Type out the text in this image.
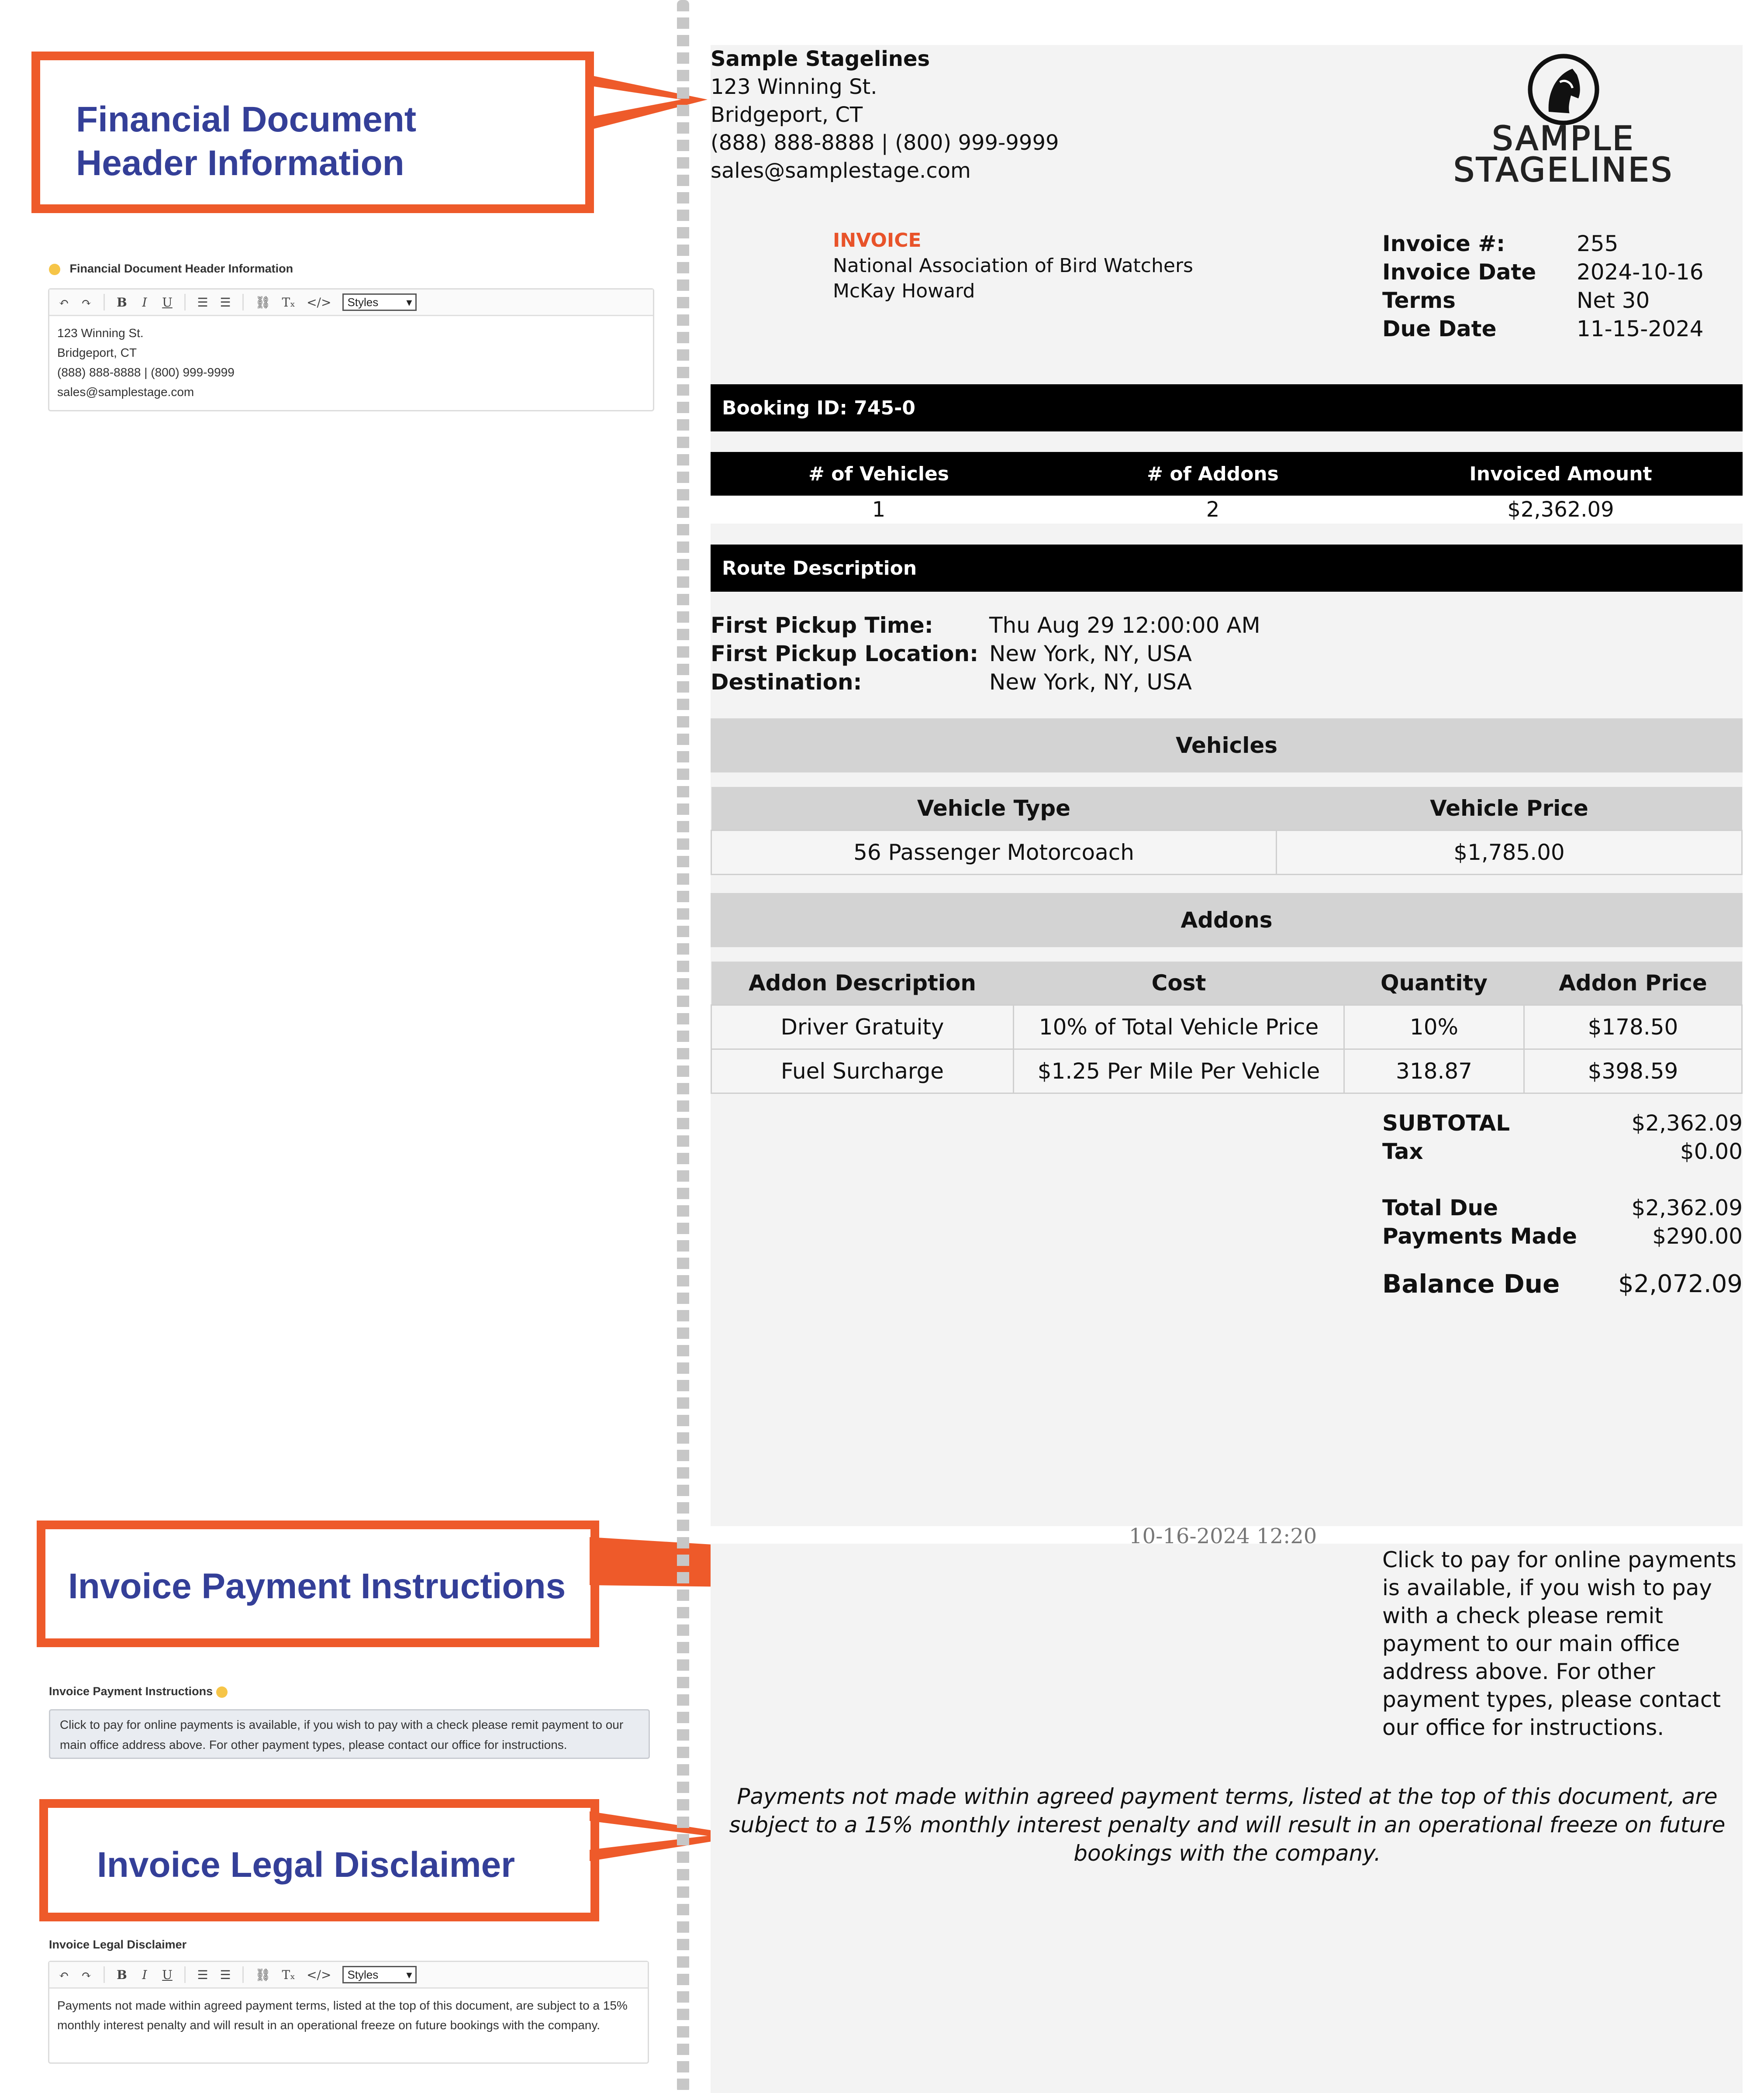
Financial Document
Header Information
Financial Document Header Information
↶ ↷ B I U ☰ ☰ ⛓ Tₓ </> Styles ▾
123 Winning St.
Bridgeport, CT
(888) 888-8888 | (800) 999-9999
sales@samplestage.com
Invoice Payment Instructions
Invoice Payment Instructions
Click to pay for online payments is available, if you wish to pay with a check please remit payment to our main office address above. For other payment types, please contact our office for instructions.
Invoice Legal Disclaimer
Invoice Legal Disclaimer
↶ ↷ B I U ☰ ☰ ⛓ Tₓ </> Styles ▾
Payments not made within agreed payment terms, listed at the top of this document, are subject to a 15% monthly interest penalty and will result in an operational freeze on future bookings with the company.
Sample Stagelines
123 Winning St.
Bridgeport, CT
(888) 888-8888 | (800) 999-9999
sales@samplestage.com
SAMPLE
STAGELINES
INVOICE
National Association of Bird Watchers
McKay Howard
Invoice #:	255
Invoice Date 2024-10-16
Terms	Net 30
Due Date	11-15-2024
Booking ID: 745-0
# of Vehicles	# of Addons	Invoiced Amount
1	2	$2,362.09
Route Description
First Pickup Time:	Thu Aug 29 12:00:00 AM
First Pickup Location: New York, NY, USA
Destination:	New York, NY, USA
Vehicles
Vehicle Type	Vehicle Price
56 Passenger Motorcoach	$1,785.00
Addons
Addon Description	Cost	Quantity	Addon Price
Driver Gratuity	10% of Total Vehicle Price	10%	$178.50
Fuel Surcharge	$1.25 Per Mile Per Vehicle	318.87	$398.59
SUBTOTAL	$2,362.09
Tax	$0.00
Total Due	$2,362.09
Payments Made	$290.00
Balance Due $2,072.09
10-16-2024 12:20
Click to pay for online payments is available, if you wish to pay with a check please remit payment to our main office address above. For other payment types, please contact our office for instructions.
Payments not made within agreed payment terms, listed at the top of this document, are subject to a 15% monthly interest penalty and will result in an operational freeze on future bookings with the company.
